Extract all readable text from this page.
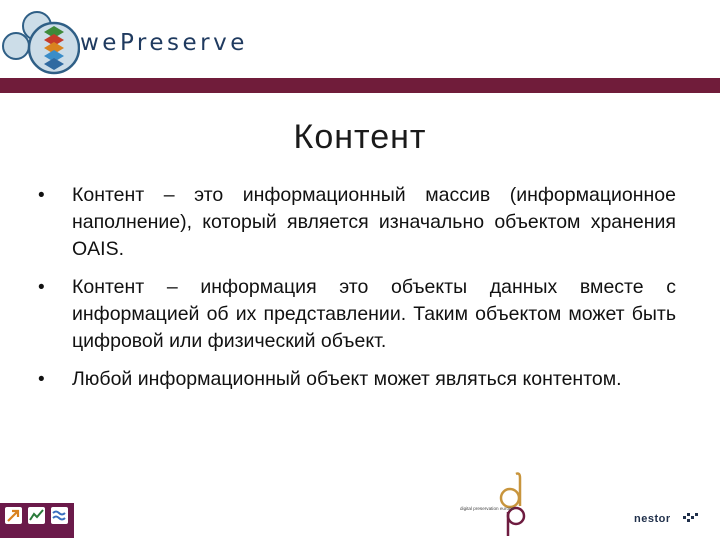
wePreserve
Контент
• Контент – это информационный массив (информационное наполнение), который является изначально объектом хранения OAIS.
• Контент – информация это объекты данных вместе с информацией об их представлении. Таким объектом может быть цифровой или физический объект.
• Любой информационный объект может являться контентом.
digital preservation europe
nestor
